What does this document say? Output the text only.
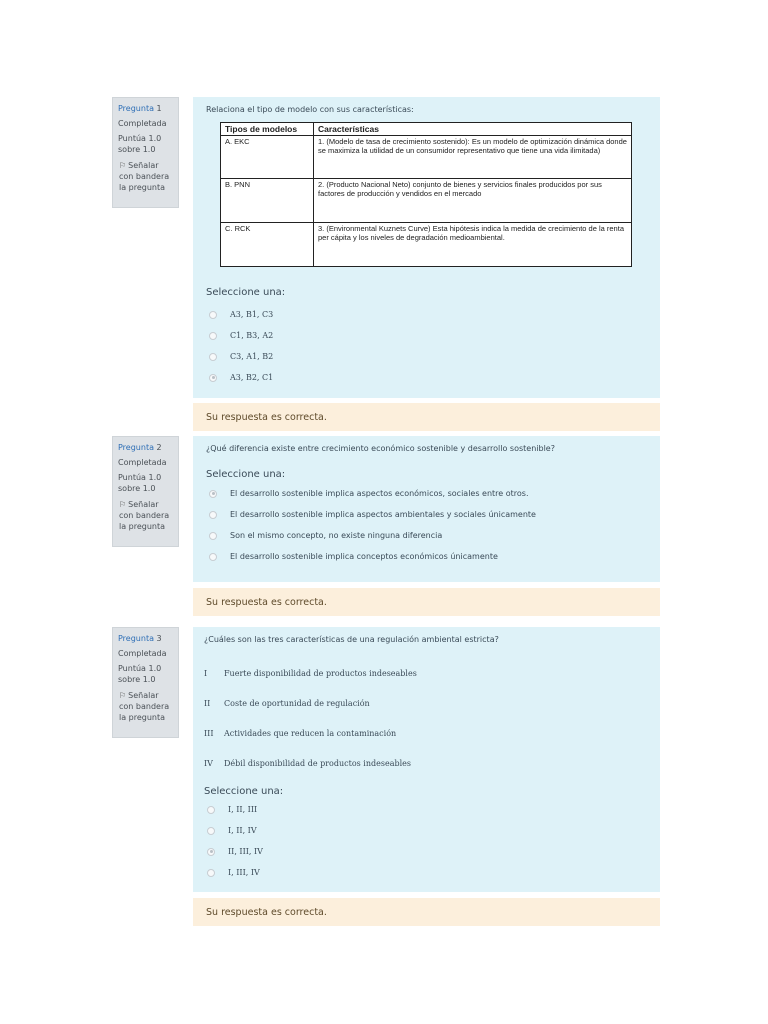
Pregunta 1
Completada
Puntúa 1.0 sobre 1.0
⚐ Señalar con bandera la pregunta
Relaciona el tipo de modelo con sus características:
Tipos de modelos	Características
A. EKC	1. (Modelo de tasa de crecimiento sostenido): Es un modelo de optimización dinámica donde se maximiza la utilidad de un consumidor representativo que tiene una vida ilimitada)
B. PNN	2. (Producto Nacional Neto) conjunto de bienes y servicios finales producidos por sus factores de producción y vendidos en el mercado
C. RCK	3. (Environmental Kuznets Curve) Esta hipótesis indica la medida de crecimiento de la renta per cápita y los niveles de degradación medioambiental.
Seleccione una:
A3, B1, C3
C1, B3, A2
C3, A1, B2
A3, B2, C1
Su respuesta es correcta.
Pregunta 2
Completada
Puntúa 1.0 sobre 1.0
⚐ Señalar con bandera la pregunta
¿Qué diferencia existe entre crecimiento económico sostenible y desarrollo sostenible?
Seleccione una:
El desarrollo sostenible implica aspectos económicos, sociales entre otros.
El desarrollo sostenible implica aspectos ambientales y sociales únicamente
Son el mismo concepto, no existe ninguna diferencia
El desarrollo sostenible implica conceptos económicos únicamente
Su respuesta es correcta.
Pregunta 3
Completada
Puntúa 1.0 sobre 1.0
⚐ Señalar con bandera la pregunta
¿Cuáles son las tres características de una regulación ambiental estricta?
I	Fuerte disponibilidad de productos indeseables
II	Coste de oportunidad de regulación
III	Actividades que reducen la contaminación
IV	Débil disponibilidad de productos indeseables
Seleccione una:
I, II, III
I, II, IV
II, III, IV
I, III, IV
Su respuesta es correcta.
